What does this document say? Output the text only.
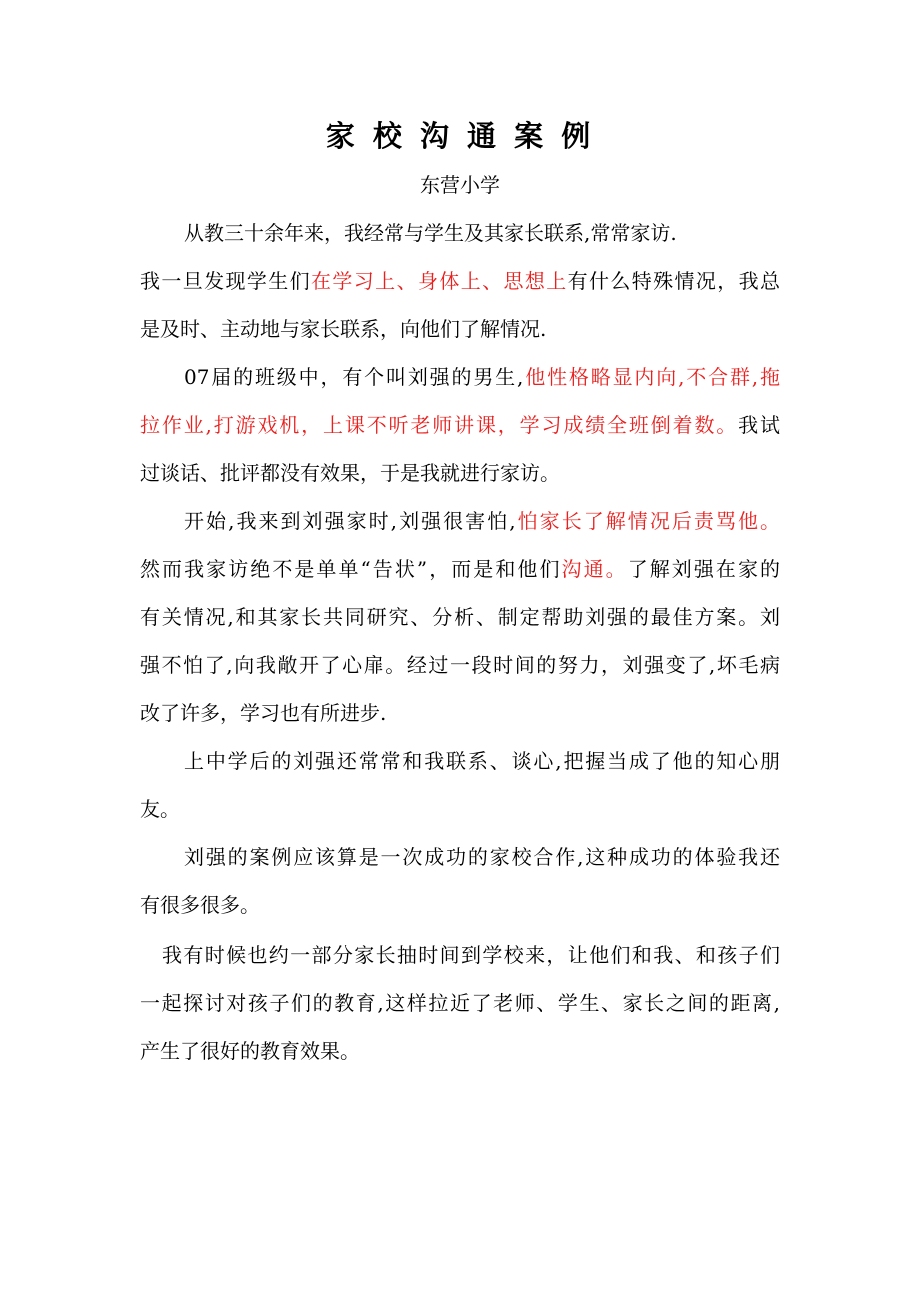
家 校 沟 通 案 例
东营小学
从教三十余年来，我经常与学生及其家长联系,常常家访.
我一旦发现学生们在学习上、身体上、思想上有什么特殊情况，我总
是及时、主动地与家长联系，向他们了解情况.
07届的班级中，有个叫刘强的男生,他性格略显内向,不合群,拖
拉作业,打游戏机，上课不听老师讲课，学习成绩全班倒着数。我试
过谈话、批评都没有效果，于是我就进行家访。
开始,我来到刘强家时,刘强很害怕,怕家长了解情况后责骂他。
然而我家访绝不是单单“告状”，而是和他们沟通。了解刘强在家的
有关情况,和其家长共同研究、分析、制定帮助刘强的最佳方案。刘
强不怕了,向我敞开了心扉。经过一段时间的努力，刘强变了,坏毛病
改了许多，学习也有所进步.
上中学后的刘强还常常和我联系、谈心,把握当成了他的知心朋
友。
刘强的案例应该算是一次成功的家校合作,这种成功的体验我还
有很多很多。
我有时候也约一部分家长抽时间到学校来，让他们和我、和孩子们
一起探讨对孩子们的教育,这样拉近了老师、学生、家长之间的距离,
产生了很好的教育效果。
